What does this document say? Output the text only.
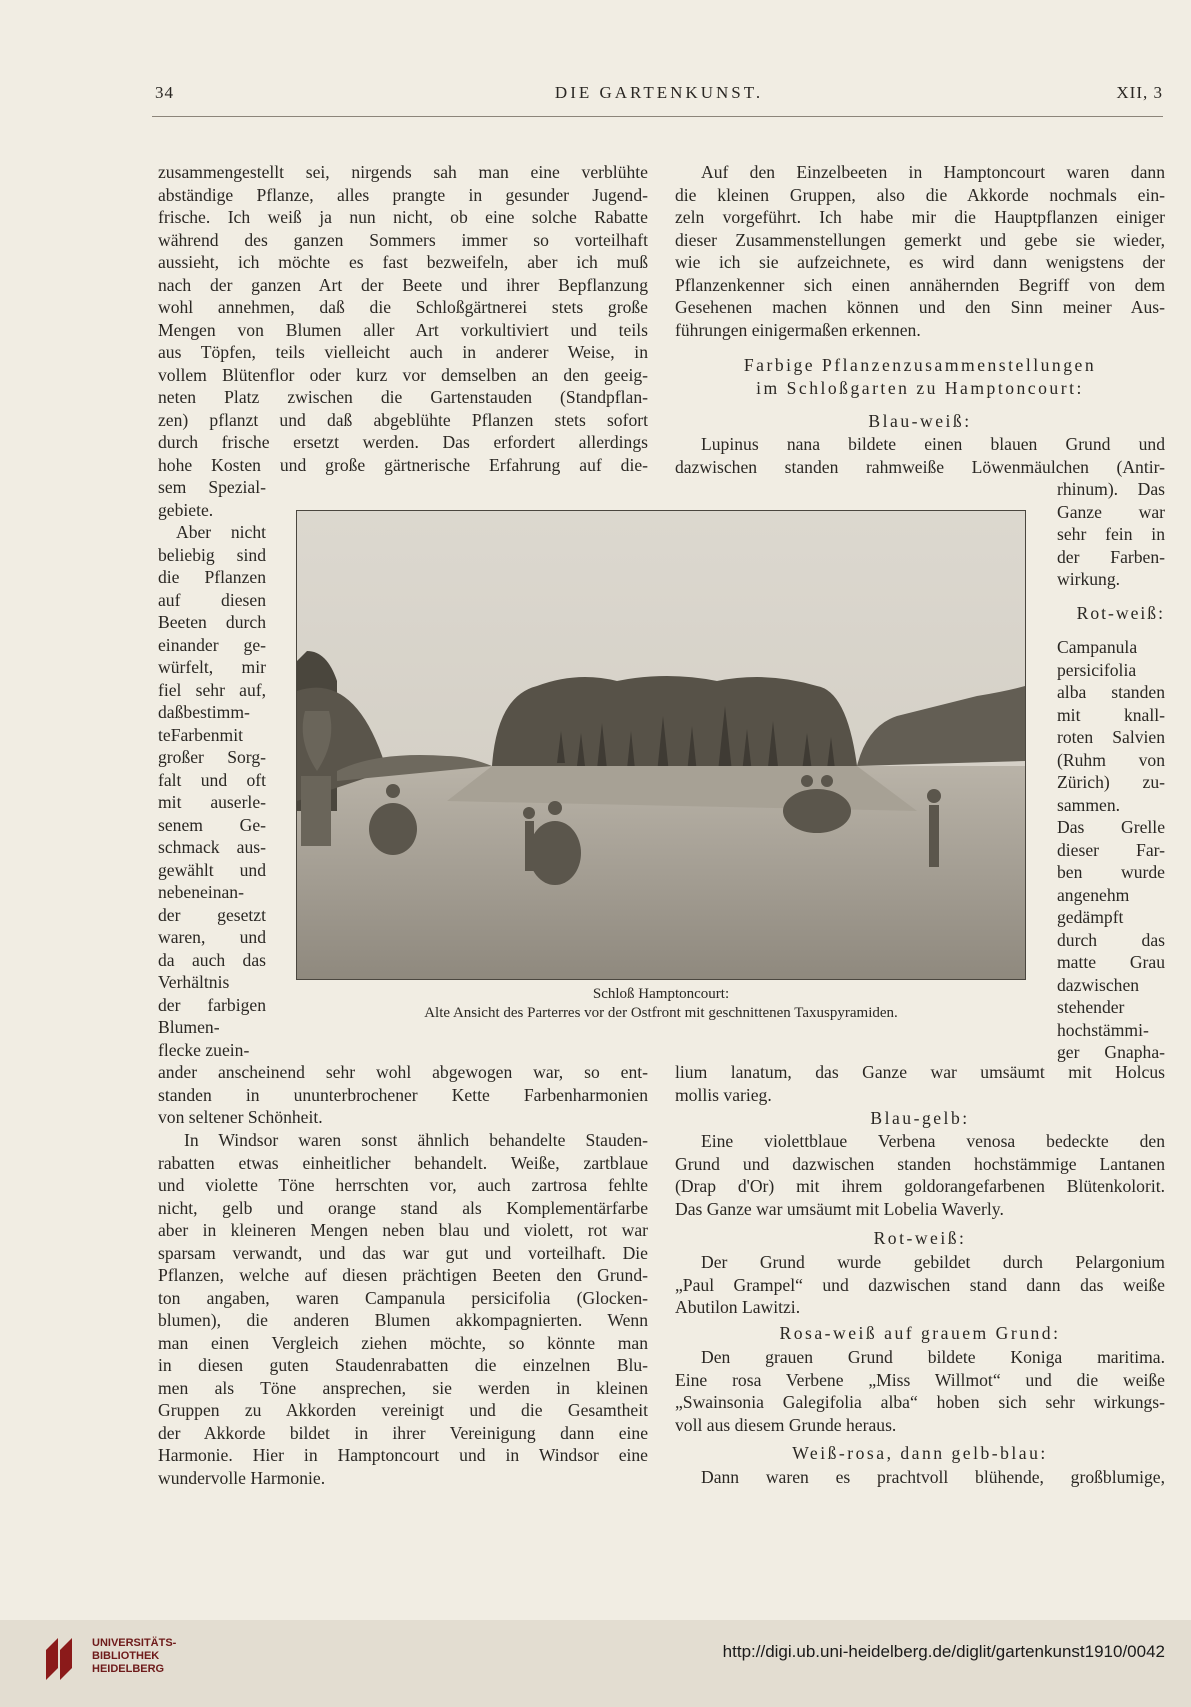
34	DIE GARTENKUNST.	XII, 3
zusammengestellt sei, nirgends sah man eine verblühte
abständige Pflanze, alles prangte in gesunder Jugend-
frische. Ich weiß ja nun nicht, ob eine solche Rabatte
während des ganzen Sommers immer so vorteilhaft
aussieht, ich möchte es fast bezweifeln, aber ich muß
nach der ganzen Art der Beete und ihrer Bepflanzung
wohl annehmen, daß die Schloßgärtnerei stets große
Mengen von Blumen aller Art vorkultiviert und teils
aus Töpfen, teils vielleicht auch in anderer Weise, in
vollem Blütenflor oder kurz vor demselben an den geeig-
neten Platz zwischen die Gartenstauden (Standpflan-
zen) pflanzt und daß abgeblühte Pflanzen stets sofort
durch frische ersetzt werden. Das erfordert allerdings
hohe Kosten und große gärtnerische Erfahrung auf die-
sem Spezial-
gebiete.
Aber nicht
beliebig sind
die Pflanzen
auf diesen
Beeten durch
einander ge-
würfelt, mir
fiel sehr auf,
daßbestimm-
teFarbenmit
großer Sorg-
falt und oft
mit auserle-
senem Ge-
schmack aus-
gewählt und
nebeneinan-
der gesetzt
waren, und
da auch das
Verhältnis
der farbigen
Blumen-
flecke zuein-
ander anscheinend sehr wohl abgewogen war, so ent-
standen in ununterbrochener Kette Farbenharmonien
von seltener Schönheit.
In Windsor waren sonst ähnlich behandelte Stauden-
rabatten etwas einheitlicher behandelt. Weiße, zartblaue
und violette Töne herrschten vor, auch zartrosa fehlte
nicht, gelb und orange stand als Komplementärfarbe
aber in kleineren Mengen neben blau und violett, rot war
sparsam verwandt, und das war gut und vorteilhaft. Die
Pflanzen, welche auf diesen prächtigen Beeten den Grund-
ton angaben, waren Campanula persicifolia (Glocken-
blumen), die anderen Blumen akkompagnierten. Wenn
man einen Vergleich ziehen möchte, so könnte man
in diesen guten Staudenrabatten die einzelnen Blu-
men als Töne ansprechen, sie werden in kleinen
Gruppen zu Akkorden vereinigt und die Gesamtheit
der Akkorde bildet in ihrer Vereinigung dann eine
Harmonie. Hier in Hamptoncourt und in Windsor eine
wundervolle Harmonie.
Auf den Einzelbeeten in Hamptoncourt waren dann
die kleinen Gruppen, also die Akkorde nochmals ein-
zeln vorgeführt. Ich habe mir die Hauptpflanzen einiger
dieser Zusammenstellungen gemerkt und gebe sie wieder,
wie ich sie aufzeichnete, es wird dann wenigstens der
Pflanzenkenner sich einen annähernden Begriff von dem
Gesehenen machen können und den Sinn meiner Aus-
führungen einigermaßen erkennen.

Farbige Pflanzenzusammenstellungen

im Schloßgarten zu Hamptoncourt:

Blau-weiß:

Lupinus nana bildete einen blauen Grund und
dazwischen standen rahmweiße Löwenmäulchen (Antir-
rhinum). Das
Ganze war
sehr fein in
der Farben-
wirkung.

Rot-weiß:

Campanula
persicifolia
alba standen
mit knall-
roten Salvien
(Ruhm von
Zürich) zu-
sammen.
Das Grelle
dieser Far-
ben wurde
angenehm
gedämpft
durch das
matte Grau
dazwischen
stehender
hochstämmi-
ger Gnapha-
lium lanatum, das Ganze war umsäumt mit Holcus
mollis varieg.

Blau-gelb:

Eine violettblaue Verbena venosa bedeckte den
Grund und dazwischen standen hochstämmige Lantanen
(Drap d'Or) mit ihrem goldorangefarbenen Blütenkolorit.
Das Ganze war umsäumt mit Lobelia Waverly.

Rot-weiß:

Der Grund wurde gebildet durch Pelargonium
„Paul Grampel“ und dazwischen stand dann das weiße
Abutilon Lawitzi.

Rosa-weiß auf grauem Grund:

Den grauen Grund bildete Koniga maritima.
Eine rosa Verbene „Miss Willmot“ und die weiße
„Swainsonia Galegifolia alba“ hoben sich sehr wirkungs-
voll aus diesem Grunde heraus.

Weiß-rosa, dann gelb-blau:

Dann waren es prachtvoll blühende, großblumige,
Schloß Hamptoncourt:
Alte Ansicht des Parterres vor der Ostfront mit geschnittenen Taxuspyramiden.
UNIVERSITÄTS-
BIBLIOTHEK
HEIDELBERG
http://digi.ub.uni-heidelberg.de/diglit/gartenkunst1910/0042
